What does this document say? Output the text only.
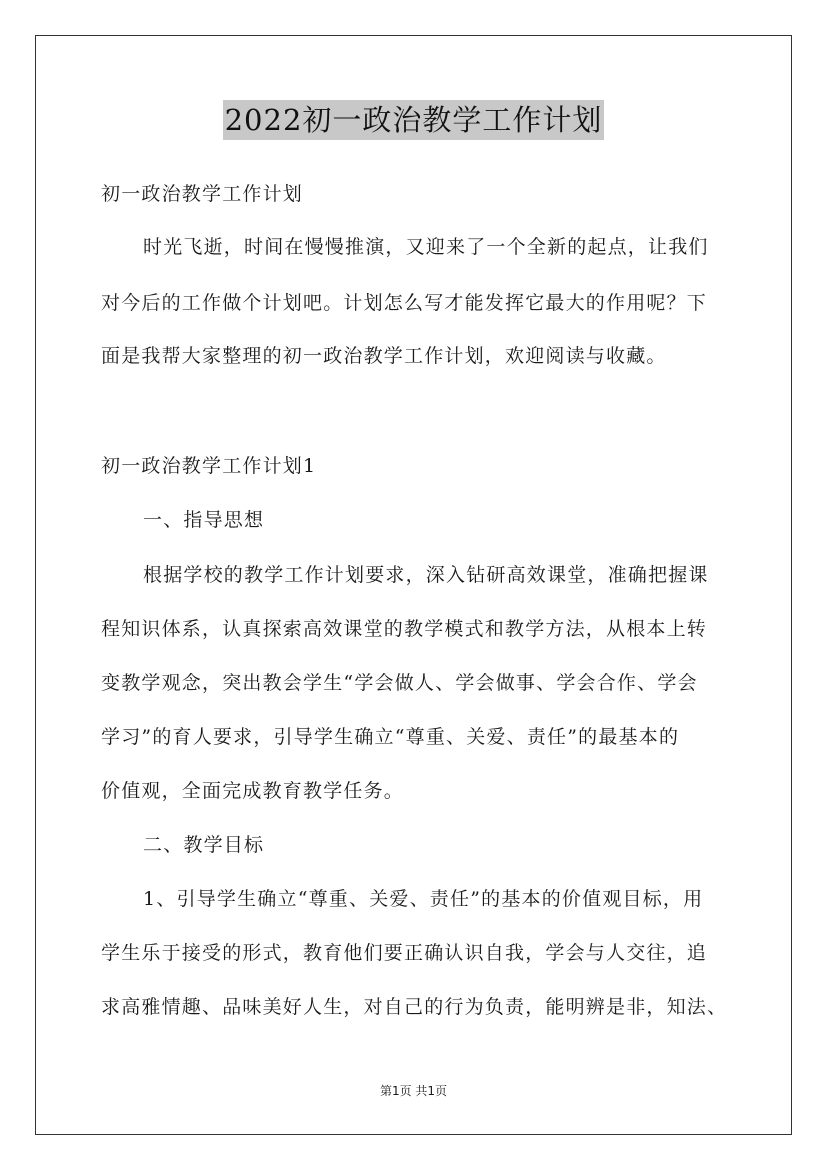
2022初一政治教学工作计划
初一政治教学工作计划
时光飞逝，时间在慢慢推演，又迎来了一个全新的起点，让我们
对今后的工作做个计划吧。计划怎么写才能发挥它最大的作用呢？下
面是我帮大家整理的初一政治教学工作计划，欢迎阅读与收藏。
初一政治教学工作计划1
一、指导思想
根据学校的教学工作计划要求，深入钻研高效课堂，准确把握课
程知识体系，认真探索高效课堂的教学模式和教学方法，从根本上转
变教学观念，突出教会学生“学会做人、学会做事、学会合作、学会
学习”的育人要求，引导学生确立“尊重、关爱、责任”的最基本的
价值观，全面完成教育教学任务。
二、教学目标
1、引导学生确立“尊重、关爱、责任”的基本的价值观目标，用
学生乐于接受的形式，教育他们要正确认识自我，学会与人交往，追
求高雅情趣、品味美好人生，对自己的行为负责，能明辨是非，知法、
第1页 共1页
